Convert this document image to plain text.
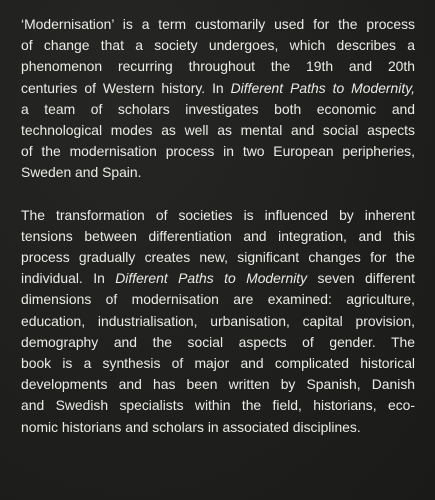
‘Modernisation’ is a term customarily used for the process
of change that a society undergoes, which describes a
phenomenon recurring throughout the 19th and 20th
centuries of Western history. In Different Paths to Modernity,
a team of scholars investigates both economic and
technological modes as well as mental and social aspects
of the modernisation process in two European peripheries,
Sweden and Spain.

The transformation of societies is influenced by inherent
tensions between differentiation and integration, and this
process gradually creates new, significant changes for the
individual. In Different Paths to Modernity seven different
dimensions of modernisation are examined: agriculture,
education, industrialisation, urbanisation, capital provision,
demography and the social aspects of gender. The
book is a synthesis of major and complicated historical
developments and has been written by Spanish, Danish
and Swedish specialists within the field, historians, eco-
nomic historians and scholars in associated disciplines.
